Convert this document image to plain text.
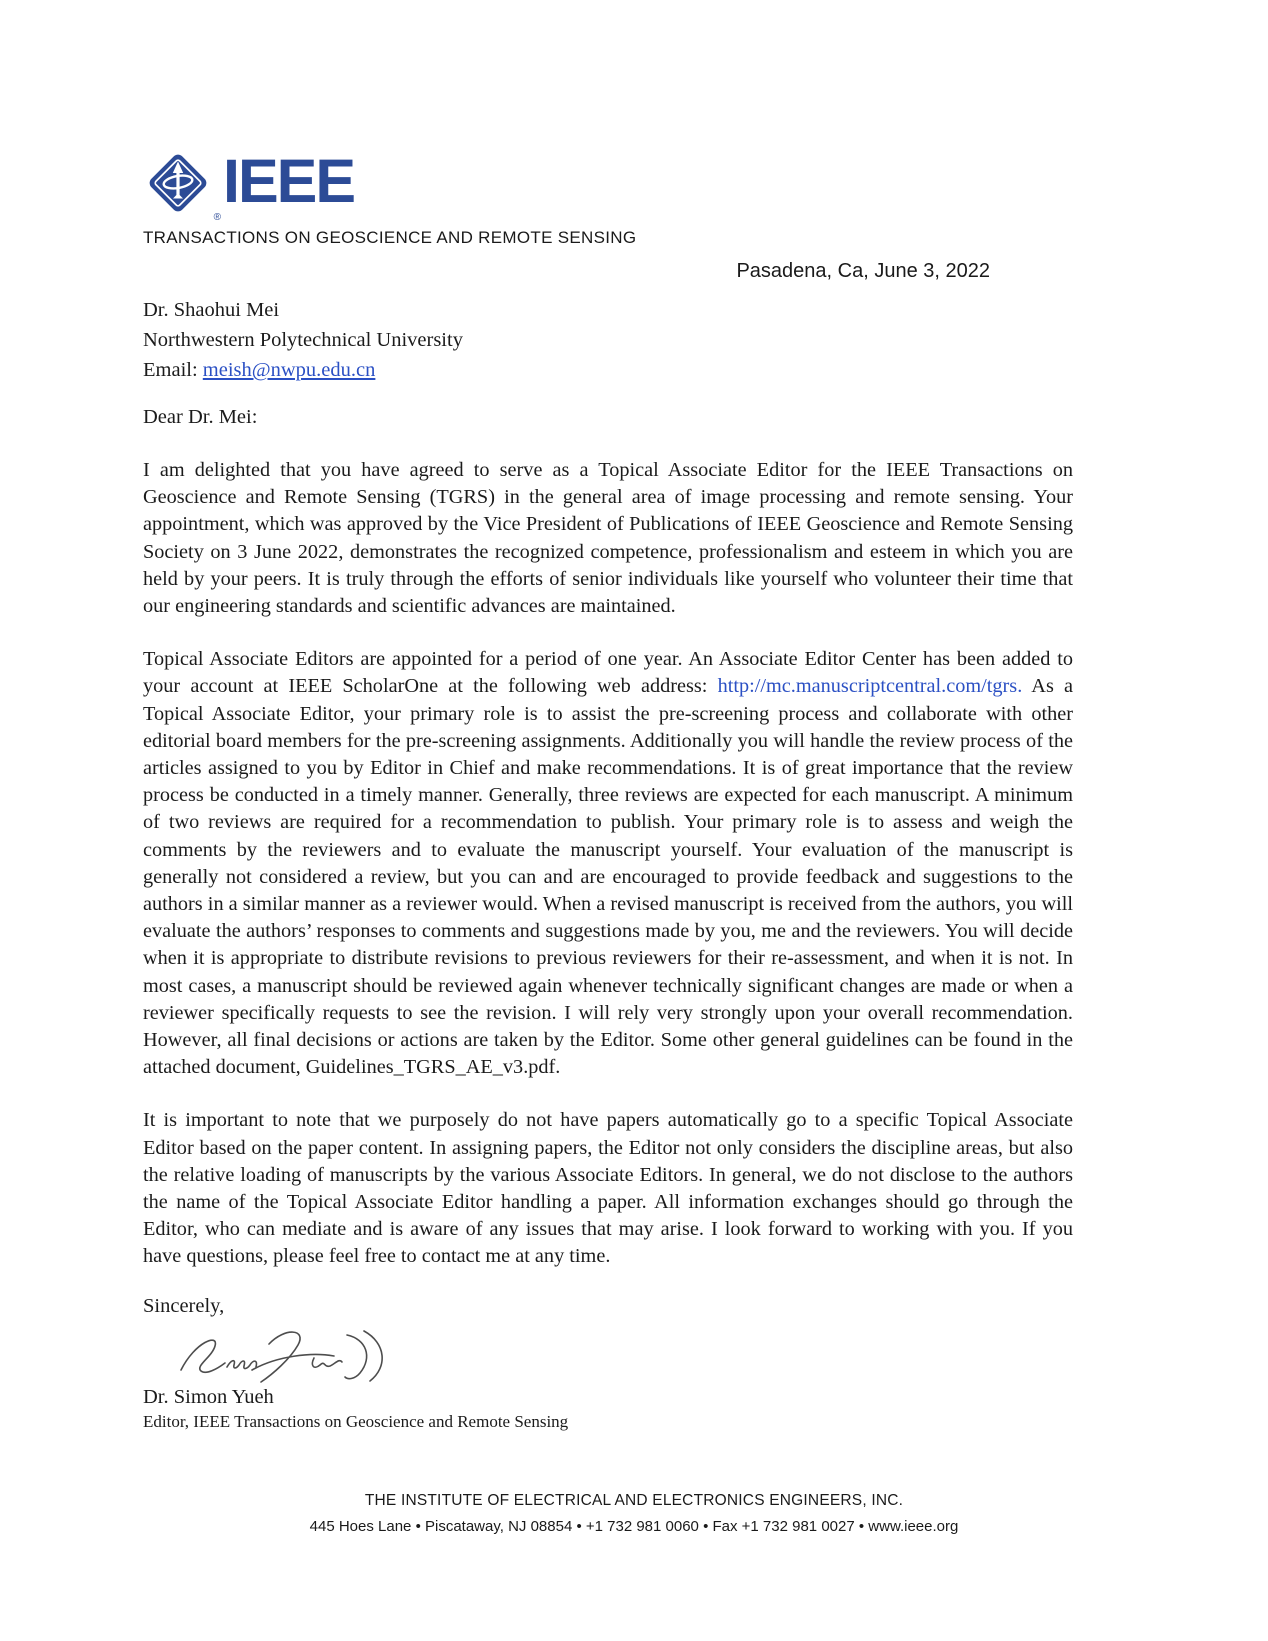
®
IEEE
TRANSACTIONS ON GEOSCIENCE AND REMOTE SENSING
Pasadena, Ca, June 3, 2022
Dr. Shaohui Mei
Northwestern Polytechnical University
Email: meish@nwpu.edu.cn
Dear Dr. Mei:

I am delighted that you have agreed to serve as a Topical Associate Editor for the IEEE Transactions on Geoscience and Remote Sensing (TGRS) in the general area of image processing and remote sensing. Your appointment, which was approved by the Vice President of Publications of IEEE Geoscience and Remote Sensing Society on 3 June 2022, demonstrates the recognized competence, professionalism and esteem in which you are held by your peers. It is truly through the efforts of senior individuals like yourself who volunteer their time that our engineering standards and scientific advances are maintained.

Topical Associate Editors are appointed for a period of one year. An Associate Editor Center has been added to your account at IEEE ScholarOne at the following web address: http://mc.manuscriptcentral.com/tgrs. As a Topical Associate Editor, your primary role is to assist the pre-screening process and collaborate with other editorial board members for the pre-screening assignments. Additionally you will handle the review process of the articles assigned to you by Editor in Chief and make recommendations. It is of great importance that the review process be conducted in a timely manner. Generally, three reviews are expected for each manuscript. A minimum of two reviews are required for a recommendation to publish. Your primary role is to assess and weigh the comments by the reviewers and to evaluate the manuscript yourself. Your evaluation of the manuscript is generally not considered a review, but you can and are encouraged to provide feedback and suggestions to the authors in a similar manner as a reviewer would. When a revised manuscript is received from the authors, you will evaluate the authors’ responses to comments and suggestions made by you, me and the reviewers. You will decide when it is appropriate to distribute revisions to previous reviewers for their re-assessment, and when it is not. In most cases, a manuscript should be reviewed again whenever technically significant changes are made or when a reviewer specifically requests to see the revision. I will rely very strongly upon your overall recommendation. However, all final decisions or actions are taken by the Editor. Some other general guidelines can be found in the attached document, Guidelines_TGRS_AE_v3.pdf.

It is important to note that we purposely do not have papers automatically go to a specific Topical Associate Editor based on the paper content. In assigning papers, the Editor not only considers the discipline areas, but also the relative loading of manuscripts by the various Associate Editors. In general, we do not disclose to the authors the name of the Topical Associate Editor handling a paper. All information exchanges should go through the Editor, who can mediate and is aware of any issues that may arise. I look forward to working with you. If you have questions, please feel free to contact me at any time.

Sincerely,
Dr. Simon Yueh
Editor, IEEE Transactions on Geoscience and Remote Sensing
THE INSTITUTE OF ELECTRICAL AND ELECTRONICS ENGINEERS, INC.
445 Hoes Lane • Piscataway, NJ 08854 • +1 732 981 0060 • Fax +1 732 981 0027 • www.ieee.org
